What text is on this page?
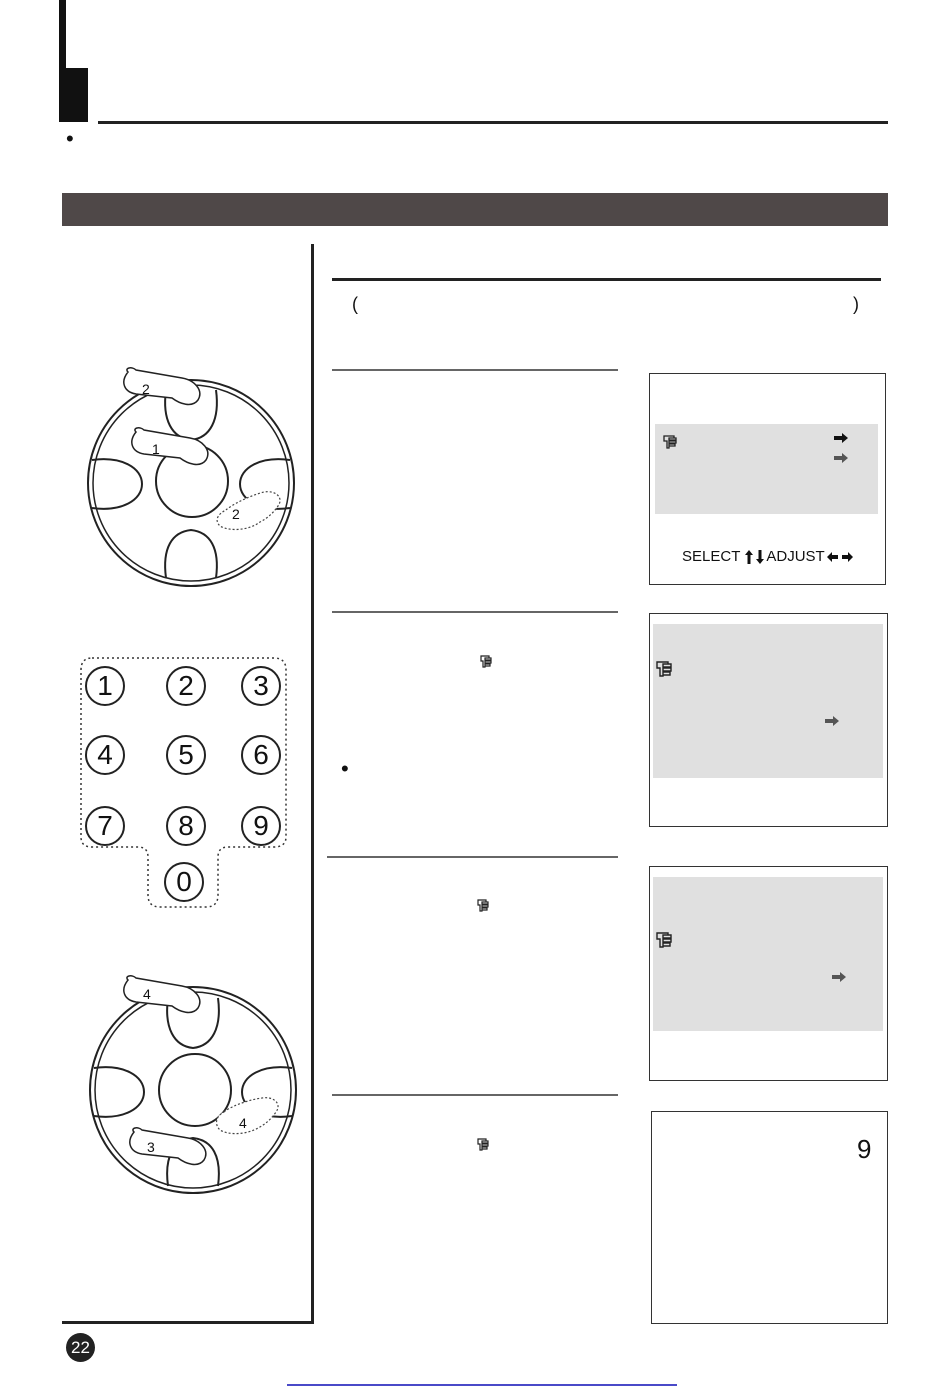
•
(	)
•
SELECT ADJUST
9
2
1
2
1	2	3
4	5	6
7	8	9
0
4
4
3
22
